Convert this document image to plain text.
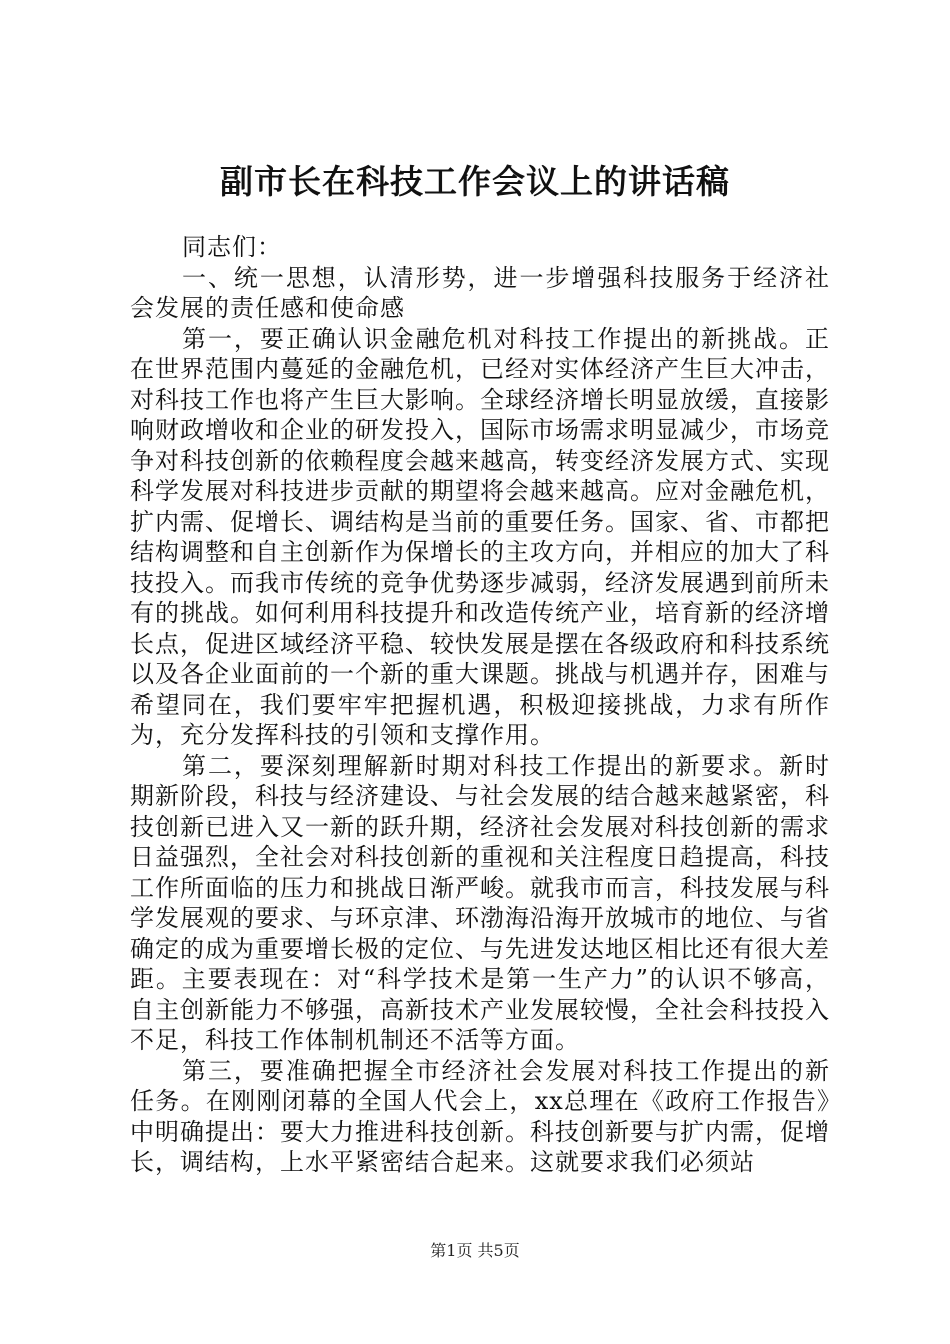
副市长在科技工作会议上的讲话稿

同志们：

一、统一思想，认清形势，进一步增强科技服务于经济社会发展的责任感和使命感

第一，要正确认识金融危机对科技工作提出的新挑战。正在世界范围内蔓延的金融危机，已经对实体经济产生巨大冲击，对科技工作也将产生巨大影响。全球经济增长明显放缓，直接影响财政增收和企业的研发投入，国际市场需求明显减少，市场竞争对科技创新的依赖程度会越来越高，转变经济发展方式、实现科学发展对科技进步贡献的期望将会越来越高。应对金融危机，扩内需、促增长、调结构是当前的重要任务。国家、省、市都把结构调整和自主创新作为保增长的主攻方向，并相应的加大了科技投入。而我市传统的竞争优势逐步减弱，经济发展遇到前所未有的挑战。如何利用科技提升和改造传统产业，培育新的经济增长点，促进区域经济平稳、较快发展是摆在各级政府和科技系统以及各企业面前的一个新的重大课题。挑战与机遇并存，困难与希望同在，我们要牢牢把握机遇，积极迎接挑战，力求有所作为，充分发挥科技的引领和支撑作用。

第二，要深刻理解新时期对科技工作提出的新要求。新时期新阶段，科技与经济建设、与社会发展的结合越来越紧密，科技创新已进入又一新的跃升期，经济社会发展对科技创新的需求日益强烈，全社会对科技创新的重视和关注程度日趋提高，科技工作所面临的压力和挑战日渐严峻。就我市而言，科技发展与科学发展观的要求、与环京津、环渤海沿海开放城市的地位、与省确定的成为重要增长极的定位、与先进发达地区相比还有很大差距。主要表现在：对“科学技术是第一生产力”的认识不够高，自主创新能力不够强，高新技术产业发展较慢，全社会科技投入不足，科技工作体制机制还不活等方面。

第三，要准确把握全市经济社会发展对科技工作提出的新任务。在刚刚闭幕的全国人代会上，xx总理在《政府工作报告》中明确提出：要大力推进科技创新。科技创新要与扩内需，促增长，调结构，上水平紧密结合起来。这就要求我们必须站

第1页 共5页
